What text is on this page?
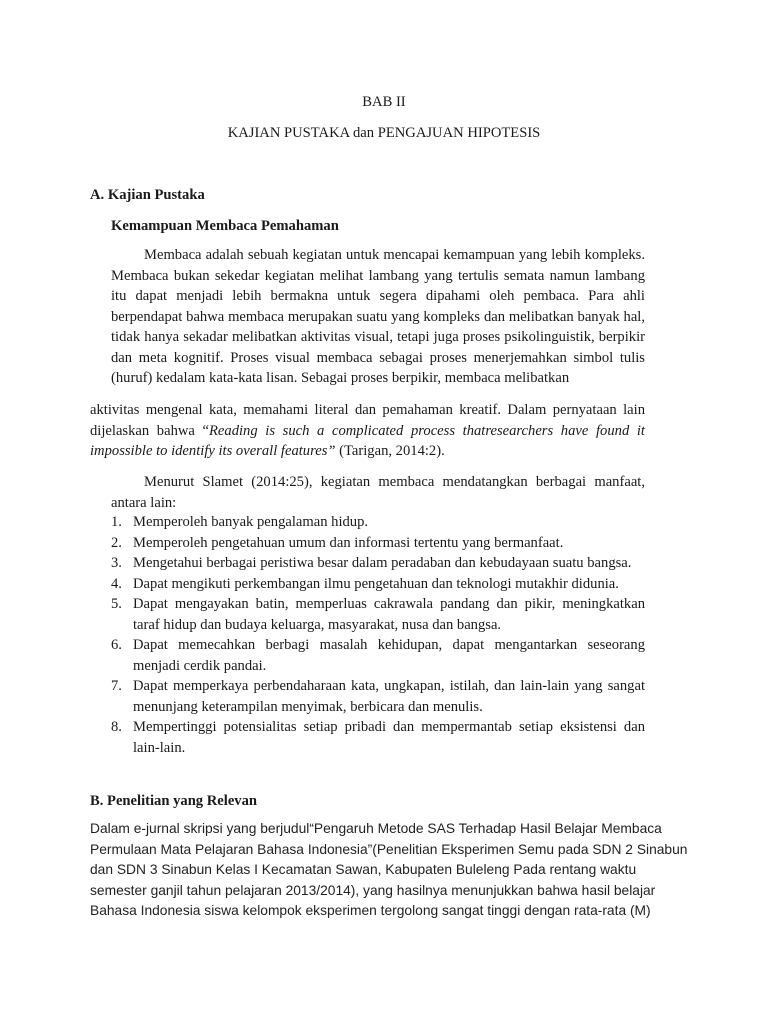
BAB II
KAJIAN PUSTAKA dan PENGAJUAN HIPOTESIS
A. Kajian Pustaka
Kemampuan Membaca Pemahaman
Membaca adalah sebuah kegiatan untuk mencapai kemampuan yang lebih kompleks. Membaca bukan sekedar kegiatan melihat lambang yang tertulis semata namun lambang itu dapat menjadi lebih bermakna untuk segera dipahami oleh pembaca. Para ahli berpendapat bahwa membaca merupakan suatu yang kompleks dan melibatkan banyak hal, tidak hanya sekadar melibatkan aktivitas visual, tetapi juga proses psikolinguistik, berpikir dan meta kognitif. Proses visual membaca sebagai proses menerjemahkan simbol tulis (huruf) kedalam kata-kata lisan. Sebagai proses berpikir, membaca melibatkan
aktivitas mengenal kata, memahami literal dan pemahaman kreatif. Dalam pernyataan lain dijelaskan bahwa “Reading is such a complicated process thatresearchers have found it impossible to identify its overall features” (Tarigan, 2014:2).
Menurut Slamet (2014:25), kegiatan membaca mendatangkan berbagai manfaat, antara lain:
1. Memperoleh banyak pengalaman hidup.
2. Memperoleh pengetahuan umum dan informasi tertentu yang bermanfaat.
3. Mengetahui berbagai peristiwa besar dalam peradaban dan kebudayaan suatu bangsa.
4. Dapat mengikuti perkembangan ilmu pengetahuan dan teknologi mutakhir didunia.
5. Dapat mengayakan batin, memperluas cakrawala pandang dan pikir, meningkatkan taraf hidup dan budaya keluarga, masyarakat, nusa dan bangsa.
6. Dapat memecahkan berbagi masalah kehidupan, dapat mengantarkan seseorang menjadi cerdik pandai.
7. Dapat memperkaya perbendaharaan kata, ungkapan, istilah, dan lain-lain yang sangat menunjang keterampilan menyimak, berbicara dan menulis.
8. Mempertinggi potensialitas setiap pribadi dan mempermantab setiap eksistensi dan lain-lain.
B. Penelitian yang Relevan
Dalam e-jurnal skripsi yang berjudul“Pengaruh Metode SAS Terhadap Hasil Belajar Membaca
Permulaan Mata Pelajaran Bahasa Indonesia”(Penelitian Eksperimen Semu pada SDN 2 Sinabun
dan SDN 3 Sinabun Kelas I Kecamatan Sawan, Kabupaten Buleleng Pada rentang waktu
semester ganjil tahun pelajaran 2013/2014), yang hasilnya menunjukkan bahwa hasil belajar
Bahasa Indonesia siswa kelompok eksperimen tergolong sangat tinggi dengan rata-rata (M)
